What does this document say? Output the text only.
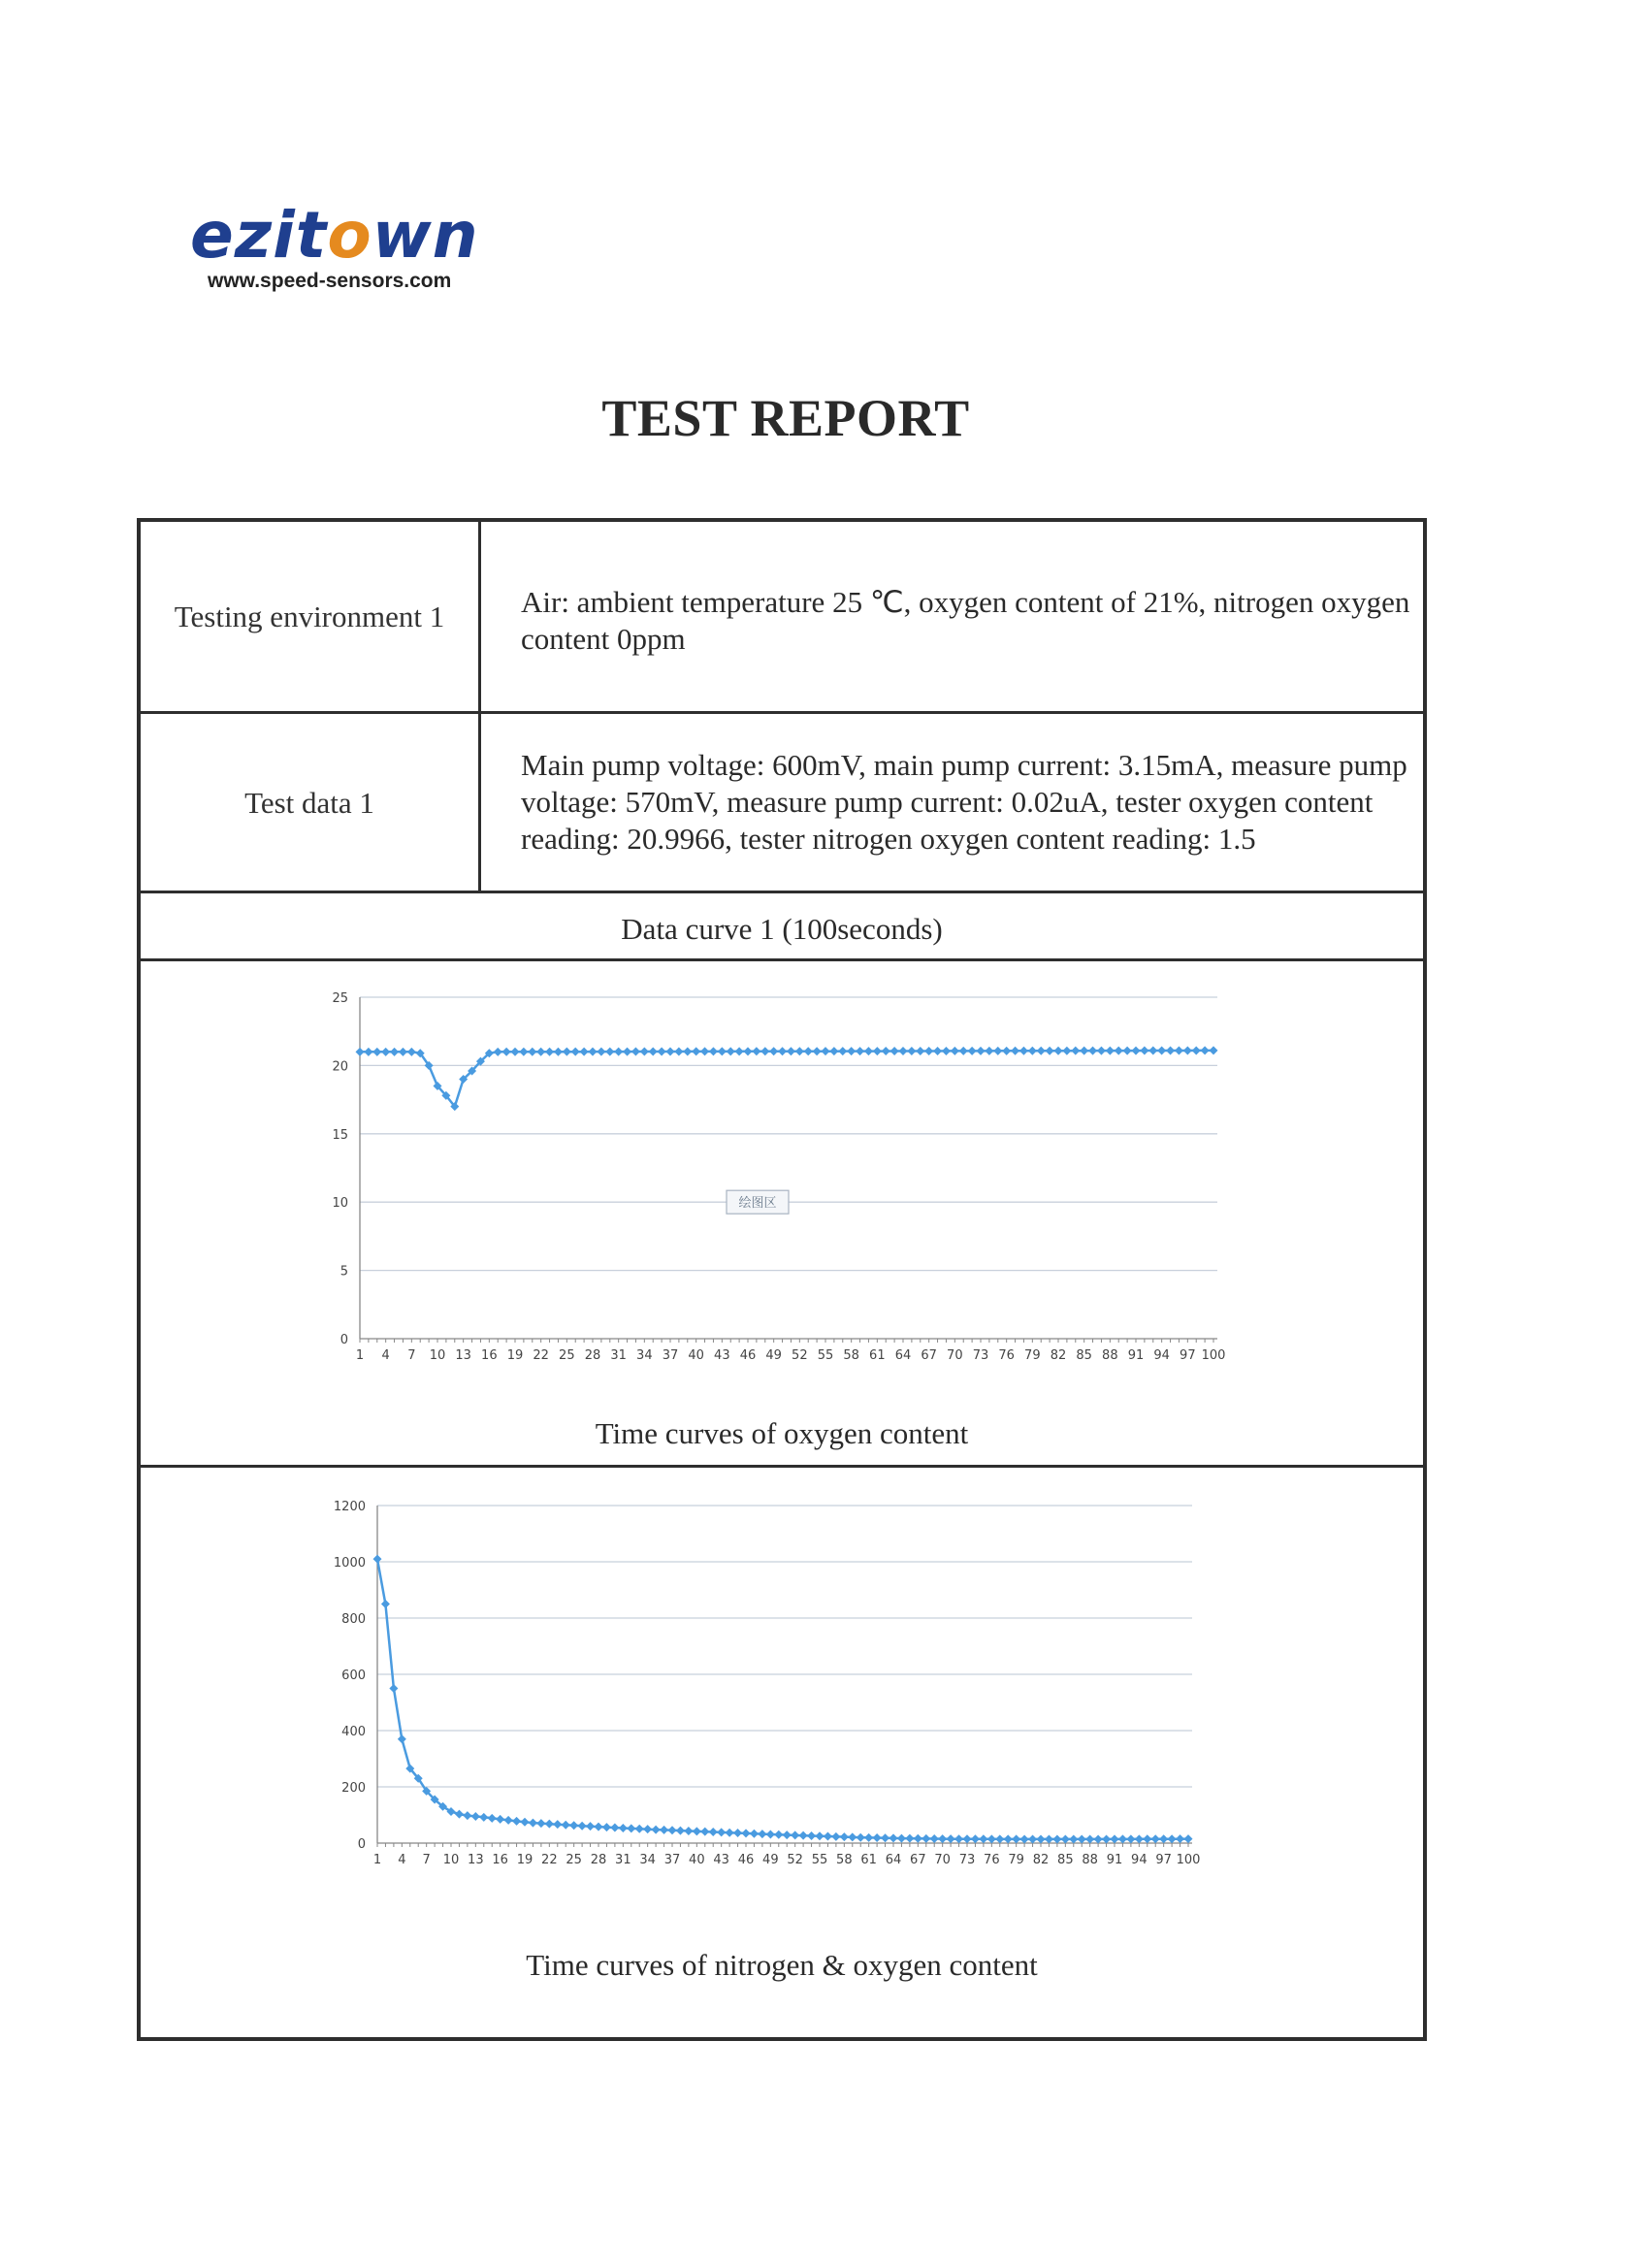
ezitown
www.speed-sensors.com
TEST REPORT
Testing environment 1	Air: ambient temperature 25 ℃, oxygen content of 21%, nitrogen oxygen content 0ppm
Test data 1
Main pump voltage: 600mV, main pump current: 3.15mA, measure pump voltage: 570mV, measure pump current: 0.02uA, tester oxygen content reading: 20.9966, tester nitrogen oxygen content reading: 1.5
Data curve 1 (100seconds)
0
5
10
15
20
25
1 4 7 10 13 16 19 22 25 28 31 34 37 40 43 46 49 52 55 58 61 64 67 70 73 76 79 82 85 88 91 94 97 100
绘图区
Time curves of oxygen content
0
200
400
600
800
1000
1200
1 4 7 10 13 16 19 22 25 28 31 34 37 40 43 46 49 52 55 58 61 64 67 70 73 76 79 82 85 88 91 94 97 100
Time curves of nitrogen & oxygen content
